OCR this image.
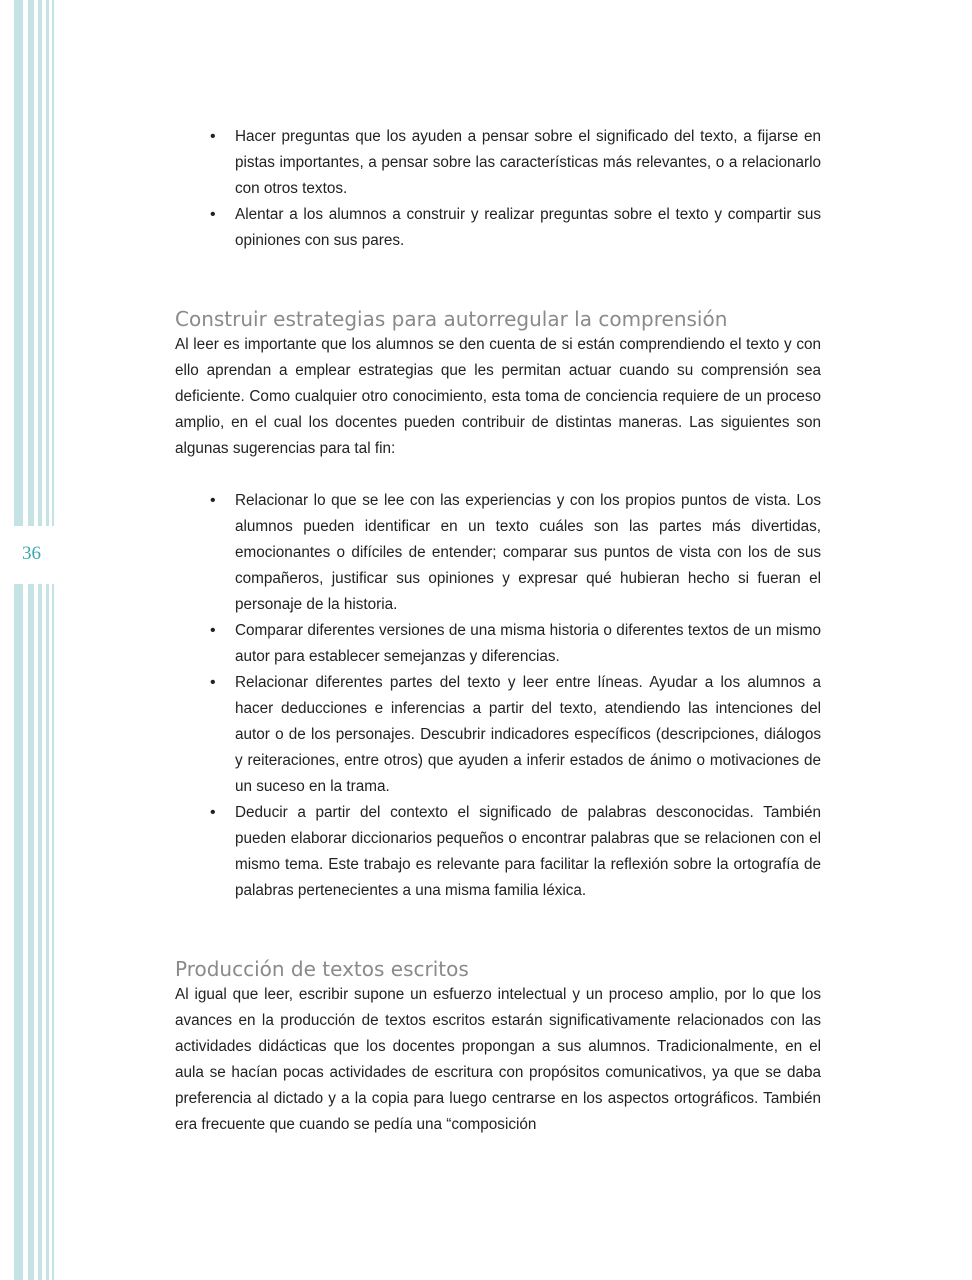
36
• Hacer preguntas que los ayuden a pensar sobre el significado del texto, a fijarse en pistas importantes, a pensar sobre las características más relevantes, o a relacionarlo con otros textos.
• Alentar a los alumnos a construir y realizar preguntas sobre el texto y compartir sus opiniones con sus pares.
Construir estrategias para autorregular la comprensión

Al leer es importante que los alumnos se den cuenta de si están comprendiendo el texto y con ello aprendan a emplear estrategias que les permitan actuar cuando su comprensión sea deficiente. Como cualquier otro conocimiento, esta toma de conciencia requiere de un proceso amplio, en el cual los docentes pueden contribuir de distintas maneras. Las siguientes son algunas sugerencias para tal fin:

• Relacionar lo que se lee con las experiencias y con los propios puntos de vista. Los alumnos pueden identificar en un texto cuáles son las partes más divertidas, emocionantes o difíciles de entender; comparar sus puntos de vista con los de sus compañeros, justificar sus opiniones y expresar qué hubieran hecho si fueran el personaje de la historia.
• Comparar diferentes versiones de una misma historia o diferentes textos de un mismo autor para establecer semejanzas y diferencias.
• Relacionar diferentes partes del texto y leer entre líneas. Ayudar a los alumnos a hacer deducciones e inferencias a partir del texto, atendiendo las intenciones del autor o de los personajes. Descubrir indicadores específicos (descripciones, diálogos y reiteraciones, entre otros) que ayuden a inferir estados de ánimo o motivaciones de un suceso en la trama.
• Deducir a partir del contexto el significado de palabras desconocidas. También pueden elaborar diccionarios pequeños o encontrar palabras que se relacionen con el mismo tema. Este trabajo es relevante para facilitar la reflexión sobre la ortografía de palabras pertenecientes a una misma familia léxica.
Producción de textos escritos

Al igual que leer, escribir supone un esfuerzo intelectual y un proceso amplio, por lo que los avances en la producción de textos escritos estarán significativamente relacionados con las actividades didácticas que los docentes propongan a sus alumnos. Tradicionalmente, en el aula se hacían pocas actividades de escritura con propósitos comunicativos, ya que se daba preferencia al dictado y a la copia para luego centrarse en los aspectos ortográficos. También era frecuente que cuando se pedía una “composición
